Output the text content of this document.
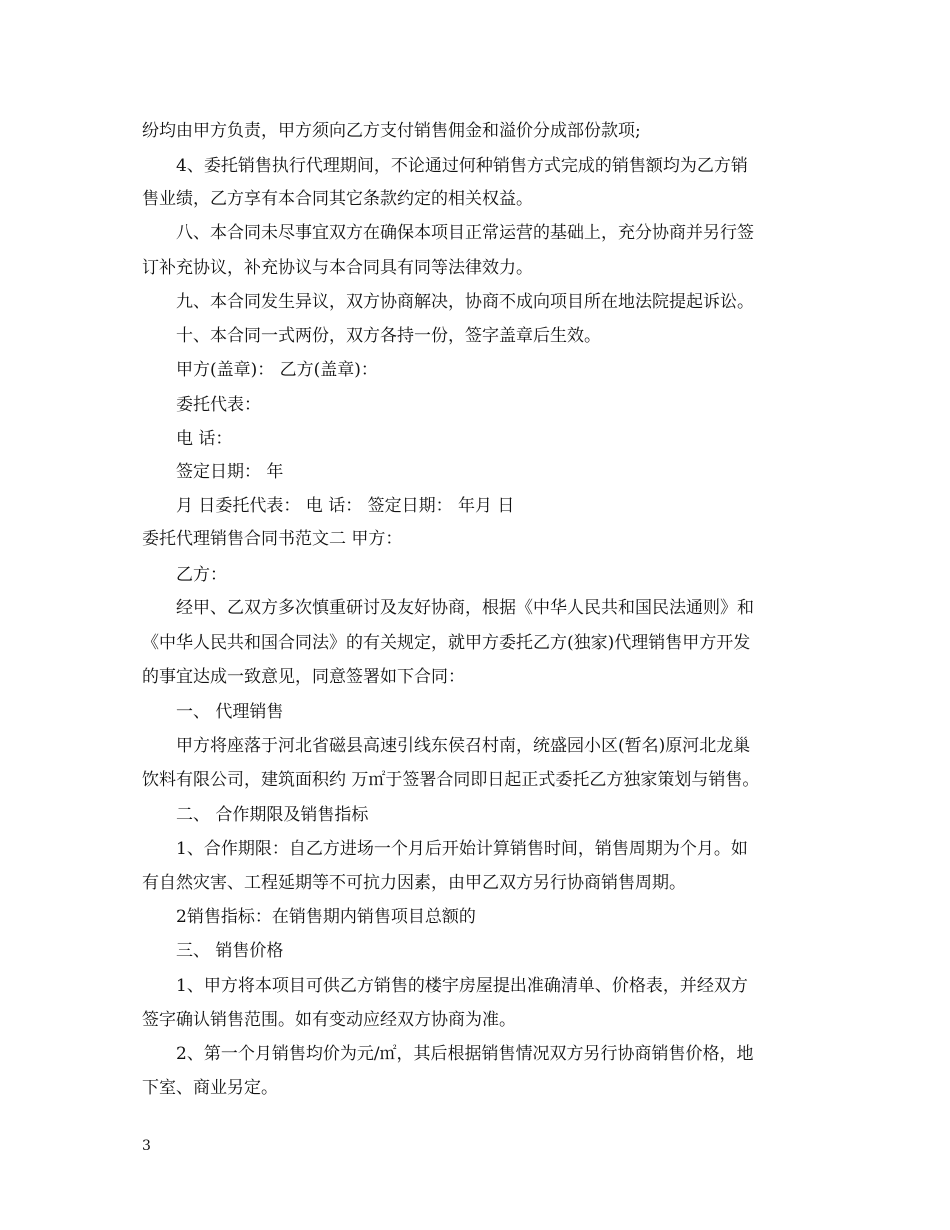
纷均由甲方负责，甲方须向乙方支付销售佣金和溢价分成部份款项;
4、委托销售执行代理期间，不论通过何种销售方式完成的销售额均为乙方销
售业绩，乙方享有本合同其它条款约定的相关权益。
八、本合同未尽事宜双方在确保本项目正常运营的基础上，充分协商并另行签
订补充协议，补充协议与本合同具有同等法律效力。
九、本合同发生异议，双方协商解决，协商不成向项目所在地法院提起诉讼。
十、本合同一式两份，双方各持一份，签字盖章后生效。
甲方(盖章)： 乙方(盖章)：
委托代表：
电 话：
签定日期： 年
月 日委托代表： 电 话： 签定日期： 年月 日
委托代理销售合同书范文二 甲方：
乙方：
经甲、乙双方多次慎重研讨及友好协商，根据《中华人民共和国民法通则》和
《中华人民共和国合同法》的有关规定，就甲方委托乙方(独家)代理销售甲方开发
的事宜达成一致意见，同意签署如下合同：
一、 代理销售
甲方将座落于河北省磁县高速引线东侯召村南，统盛园小区(暂名)原河北龙巢
饮料有限公司，建筑面积约 万㎡于签署合同即日起正式委托乙方独家策划与销售。
二、 合作期限及销售指标
1、合作期限：自乙方进场一个月后开始计算销售时间，销售周期为个月。如
有自然灾害、工程延期等不可抗力因素，由甲乙双方另行协商销售周期。
2销售指标：在销售期内销售项目总额的
三、 销售价格
1、甲方将本项目可供乙方销售的楼宇房屋提出准确清单、价格表，并经双方
签字确认销售范围。如有变动应经双方协商为准。
2、第一个月销售均价为元/㎡，其后根据销售情况双方另行协商销售价格，地
下室、商业另定。
3
